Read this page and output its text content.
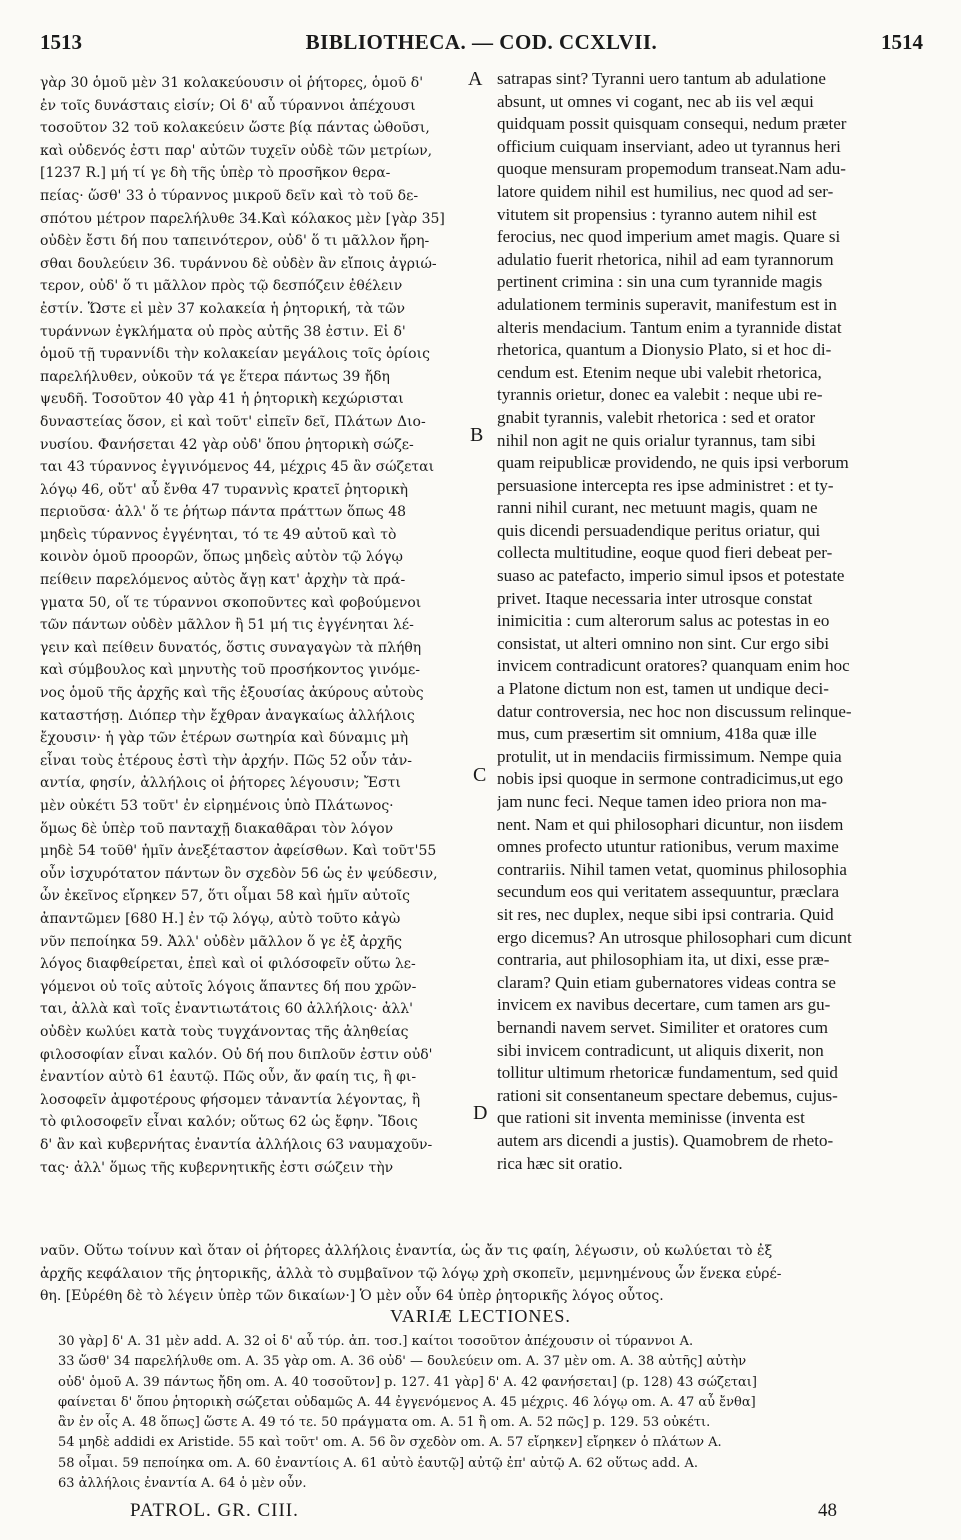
1513	BIBLIOTHECA. — COD. CCXLVII.	1514
γὰρ 30 ὁμοῦ μὲν 31 κολακεύουσιν οἱ ῥήτορες, ὁμοῦ δ'
ἐν τοῖς δυνάσταις εἰσίν; Οἱ δ' αὖ τύραννοι ἀπέχουσι
τοσοῦτον 32 τοῦ κολακεύειν ὥστε βίᾳ πάντας ὠθοῦσι,
καὶ οὐδενός ἐστι παρ' αὐτῶν τυχεῖν οὐδὲ τῶν μετρίων,
[1237 R.] μή τί γε δὴ τῆς ὑπὲρ τὸ προσῆκον θερα-
πείας· ὥσθ' 33 ὁ τύραννος μικροῦ δεῖν καὶ τὸ τοῦ δε-
σπότου μέτρον παρελήλυθε 34.Καὶ κόλακος μὲν [γὰρ 35]
οὐδὲν ἔστι δή που ταπεινότερον, οὐδ' ὅ τι μᾶλλον ἤρη-
σθαι δουλεύειν 36. τυράννου δὲ οὐδὲν ἂν εἴποις ἀγριώ-
τερον, οὐδ' ὅ τι μᾶλλον πρὸς τῷ δεσπόζειν ἐθέλειν
ἐστίν. Ὥστε εἰ μὲν 37 κολακεία ἡ ῥητορική, τὰ τῶν
τυράννων ἐγκλήματα οὐ πρὸς αὐτῆς 38 ἐστιν. Εἰ δ'
ὁμοῦ τῇ τυραννίδι τὴν κολακείαν μεγάλοις τοῖς ὁρίοις
παρελήλυθεν, οὐκοῦν τά γε ἕτερα πάντως 39 ἤδη
ψευδῆ. Τοσοῦτον 40 γὰρ 41 ἡ ῥητορικὴ κεχώρισται
δυναστείας ὅσον, εἰ καὶ τοῦτ' εἰπεῖν δεῖ, Πλάτων Διο-
νυσίου. Φανήσεται 42 γὰρ οὐδ' ὅπου ῥητορικὴ σώζε-
ται 43 τύραννος ἐγγινόμενος 44, μέχρις 45 ἂν σώζεται
λόγῳ 46, οὔτ' αὖ ἔνθα 47 τυραννὶς κρατεῖ ῥητορικὴ
περιοῦσα· ἀλλ' ὅ τε ῥήτωρ πάντα πράττων ὅπως 48
μηδεὶς τύραννος ἐγγένηται, τό τε 49 αὐτοῦ καὶ τὸ
κοινὸν ὁμοῦ προορῶν, ὅπως μηδεὶς αὐτὸν τῷ λόγῳ
πείθειν παρελόμενος αὐτὸς ἄγῃ κατ' ἀρχὴν τὰ πρά-
γματα 50, οἵ τε τύραννοι σκοποῦντες καὶ φοβούμενοι
τῶν πάντων οὐδὲν μᾶλλον ἢ 51 μή τις ἐγγένηται λέ-
γειν καὶ πείθειν δυνατός, ὅστις συναγαγὼν τὰ πλήθη
καὶ σύμβουλος καὶ μηνυτὴς τοῦ προσήκοντος γινόμε-
νος ὁμοῦ τῆς ἀρχῆς καὶ τῆς ἐξουσίας ἀκύρους αὐτοὺς
καταστήσῃ. Διόπερ τὴν ἔχθραν ἀναγκαίως ἀλλήλοις
ἔχουσιν· ἡ γὰρ τῶν ἑτέρων σωτηρία καὶ δύναμις μὴ
εἶναι τοὺς ἑτέρους ἐστὶ τὴν ἀρχήν. Πῶς 52 οὖν τἀν-
αντία, φησίν, ἀλλήλοις οἱ ῥήτορες λέγουσιν; Ἔστι
μὲν οὐκέτι 53 τοῦτ' ἐν εἰρημένοις ὑπὸ Πλάτωνος·
ὅμως δὲ ὑπὲρ τοῦ πανταχῇ διακαθᾶραι τὸν λόγον
μηδὲ 54 τοῦθ' ἡμῖν ἀνεξέταστον ἀφείσθων. Καὶ τοῦτ'55
οὖν ἰσχυρότατον πάντων ὂν σχεδὸν 56 ὡς ἐν ψεύδεσιν,
ὧν ἐκεῖνος εἴρηκεν 57, ὅτι οἶμαι 58 καὶ ἡμῖν αὐτοῖς
ἀπαντῶμεν [680 H.] ἐν τῷ λόγῳ, αὐτὸ τοῦτο κἀγὼ
νῦν πεποίηκα 59. Ἀλλ' οὐδὲν μᾶλλον ὅ γε ἐξ ἀρχῆς
λόγος διαφθείρεται, ἐπεὶ καὶ οἱ φιλόσοφεῖν οὕτω λε-
γόμενοι οὐ τοῖς αὐτοῖς λόγοις ἅπαντες δή που χρῶν-
ται, ἀλλὰ καὶ τοῖς ἐναντιωτάτοις 60 ἀλλήλοις· ἀλλ'
οὐδὲν κωλύει κατὰ τοὺς τυγχάνοντας τῆς ἀληθείας
φιλοσοφίαν εἶναι καλόν. Οὐ δή που διπλοῦν ἐστιν οὐδ'
ἐναντίον αὐτὸ 61 ἑαυτῷ. Πῶς οὖν, ἄν φαίη τις, ἢ φι-
λοσοφεῖν ἀμφοτέρους φήσομεν τἀναντία λέγοντας, ἢ
τὸ φιλοσοφεῖν εἶναι καλόν; οὕτως 62 ὡς ἔφην. Ἴδοις
δ' ἂν καὶ κυβερνήτας ἐναντία ἀλλήλοις 63 ναυμαχοῦν-
τας· ἀλλ' ὅμως τῆς κυβερνητικῆς ἐστι σώζειν τὴν
satrapas sint? Tyranni uero tantum ab adulatione
absunt, ut omnes vi cogant, nec ab iis vel æqui
quidquam possit quisquam consequi, nedum præter
officium cuiquam inserviant, adeo ut tyrannus heri
quoque mensuram propemodum transeat.Nam adu-
latore quidem nihil est humilius, nec quod ad ser-
vitutem sit propensius : tyranno autem nihil est
ferocius, nec quod imperium amet magis. Quare si
adulatio fuerit rhetorica, nihil ad eam tyrannorum
pertinent crimina : sin una cum tyrannide magis
adulationem terminis superavit, manifestum est in
alteris mendacium. Tantum enim a tyrannide distat
rhetorica, quantum a Dionysio Plato, si et hoc di-
cendum est. Etenim neque ubi valebit rhetorica,
tyrannis orietur, donec ea valebit : neque ubi re-
gnabit tyrannis, valebit rhetorica : sed et orator
nihil non agit ne quis orialur tyrannus, tam sibi
quam reipublicæ providendo, ne quis ipsi verborum
persuasione intercepta res ipse administret : et ty-
ranni nihil curant, nec metuunt magis, quam ne
quis dicendi persuadendique peritus oriatur, qui
collecta multitudine, eoque quod fieri debeat per-
suaso ac patefacto, imperio simul ipsos et potestate
privet. Itaque necessaria inter utrosque constat
inimicitia : cum alterorum salus ac potestas in eo
consistat, ut alteri omnino non sint. Cur ergo sibi
invicem contradicunt oratores? quanquam enim hoc
a Platone dictum non est, tamen ut undique deci-
datur controversia, nec hoc non discussum relinque-
mus, cum præsertim sit omnium, 418a quæ ille
protulit, ut in mendaciis firmissimum. Nempe quia
nobis ipsi quoque in sermone contradicimus,ut ego
jam nunc feci. Neque tamen ideo priora non ma-
nent. Nam et qui philosophari dicuntur, non iisdem
omnes profecto utuntur rationibus, verum maxime
contrariis. Nihil tamen vetat, quominus philosophia
secundum eos qui veritatem assequuntur, præclara
sit res, nec duplex, neque sibi ipsi contraria. Quid
ergo dicemus? An utrosque philosophari cum dicunt
contraria, aut philosophiam ita, ut dixi, esse præ-
claram? Quin etiam gubernatores videas contra se
invicem ex navibus decertare, cum tamen ars gu-
bernandi navem servet. Similiter et oratores cum
sibi invicem contradicunt, ut aliquis dixerit, non
tollitur ultimum rhetoricæ fundamentum, sed quid
rationi sit consentaneum spectare debemus, cujus-
que rationi sit inventa meminisse (inventa est
autem ars dicendi a justis). Quamobrem de rheto-
rica hæc sit oratio.
A
B
C
D
ναῦν. Οὕτω τοίνυν καὶ ὅταν οἱ ῥήτορες ἀλλήλοις ἐναντία, ὡς ἄν τις φαίη, λέγωσιν, οὐ κωλύεται τὸ ἐξ
ἀρχῆς κεφάλαιον τῆς ῥητορικῆς, ἀλλὰ τὸ συμβαῖνον τῷ λόγῳ χρὴ σκοπεῖν, μεμνημένους ὧν ἕνεκα εὑρέ-
θη. [Εὑρέθη δὲ τὸ λέγειν ὑπὲρ τῶν δικαίων·] Ὁ μὲν οὖν 64 ὑπὲρ ῥητορικῆς λόγος οὗτος.
VARIÆ LECTIONES.
30 γὰρ] δ' A. 31 μὲν add. A. 32 οἱ δ' αὖ τύρ. ἀπ. τοσ.] καίτοι τοσοῦτον ἀπέχουσιν οἱ τύραννοι A.
33 ὥσθ' 34 παρελήλυθε om. A. 35 γὰρ om. A. 36 οὐδ' — δουλεύειν om. A. 37 μὲν om. A. 38 αὐτῆς] αὐτὴν
οὐδ' ὁμοῦ A. 39 πάντως ἤδη om. A. 40 τοσοῦτον] p. 127. 41 γὰρ] δ' A. 42 φανήσεται] (p. 128) 43 σώζεται]
φαίνεται δ' ὅπου ῥητορικὴ σώζεται οὐδαμῶς A. 44 ἐγγενόμενος A. 45 μέχρις. 46 λόγῳ om. A. 47 αὖ ἔνθα]
ἂν ἐν οἷς A. 48 ὅπως] ὥστε A. 49 τό τε. 50 πράγματα om. A. 51 ἢ om. A. 52 πῶς] p. 129. 53 οὐκέτι.
54 μηδὲ addidi ex Aristide. 55 καὶ τοῦτ' om. A. 56 ὂν σχεδὸν om. A. 57 εἴρηκεν] εἴρηκεν ὁ πλάτων A.
58 οἶμαι. 59 πεποίηκα om. A. 60 ἐναντίοις A. 61 αὐτὸ ἑαυτῷ] αὐτῷ ἐπ' αὐτῷ A. 62 οὕτως add. A.
63 ἀλλήλοις ἐναντία A. 64 ὁ μὲν οὖν.
PATROL. GR. CIII.	48
